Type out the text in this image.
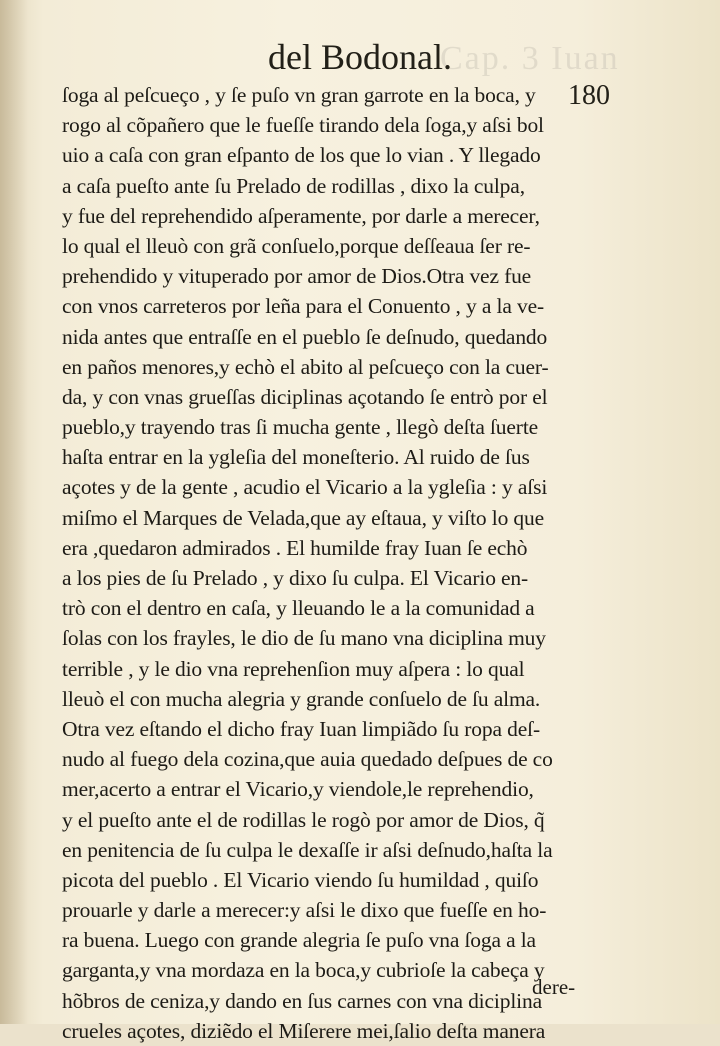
Cap. 3 Iuan
del Bodonal.
180
ſoga al peſcueço , y ſe puſo vn gran garrote en la boca, y
rogo al cõpañero que le fueſſe tirando dela ſoga,y aſsi bol
uio a caſa con gran eſpanto de los que lo vian . Y llegado
a caſa pueſto ante ſu Prelado de rodillas , dixo la culpa,
y fue del reprehendido aſperamente, por darle a merecer,
lo qual el lleuò con grã conſuelo,porque deſſeaua ſer re-
prehendido y vituperado por amor de Dios.Otra vez fue
con vnos carreteros por leña para el Conuento , y a la ve-
nida antes que entraſſe en el pueblo ſe deſnudo, quedando
en paños menores,y echò el abito al peſcueço con la cuer-
da, y con vnas grueſſas diciplinas açotando ſe entrò por el
pueblo,y trayendo tras ſi mucha gente , llegò deſta ſuerte
haſta entrar en la ygleſia del moneſterio. Al ruido de ſus
açotes y de la gente , acudio el Vicario a la ygleſia : y aſsi
miſmo el Marques de Velada,que ay eſtaua, y viſto lo que
era ,quedaron admirados . El humilde fray Iuan ſe echò
a los pies de ſu Prelado , y dixo ſu culpa. El Vicario en-
trò con el dentro en caſa, y lleuando le a la comunidad a
ſolas con los frayles, le dio de ſu mano vna diciplina muy
terrible , y le dio vna reprehenſion muy aſpera : lo qual
lleuò el con mucha alegria y grande conſuelo de ſu alma.
Otra vez eſtando el dicho fray Iuan limpiãdo ſu ropa deſ-
nudo al fuego dela cozina,que auia quedado deſpues de co
mer,acerto a entrar el Vicario,y viendole,le reprehendio,
y el pueſto ante el de rodillas le rogò por amor de Dios, q̃
en penitencia de ſu culpa le dexaſſe ir aſsi deſnudo,haſta la
picota del pueblo . El Vicario viendo ſu humildad , quiſo
prouarle y darle a merecer:y aſsi le dixo que fueſſe en ho-
ra buena. Luego con grande alegria ſe puſo vna ſoga a la
garganta,y vna mordaza en la boca,y cubrioſe la cabeça y
hõbros de ceniza,y dando en ſus carnes con vna diciplina
crueles açotes, diziẽdo el Miſerere mei,ſalio deſta manera
dere-
